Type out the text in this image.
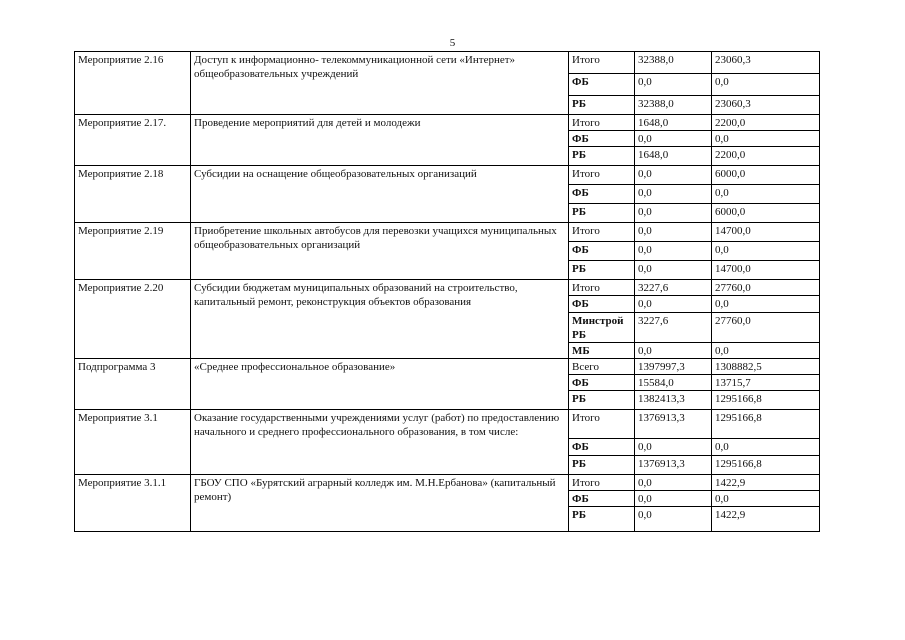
5
Мероприятие 2.16	Доступ к информационно- телекоммуникационной сети «Интернет» общеобразовательных учреждений	Итого	32388,0	23060,3
		ФБ	0,0	0,0
		РБ	32388,0	23060,3
Мероприятие 2.17.	Проведение мероприятий для детей и молодежи	Итого	1648,0	2200,0
		ФБ	0,0	0,0
		РБ	1648,0	2200,0
Мероприятие 2.18	Субсидии на оснащение общеобразовательных организаций	Итого	0,0	6000,0
		ФБ	0,0	0,0
		РБ	0,0	6000,0
Мероприятие 2.19	Приобретение школьных автобусов для перевозки учащихся муниципальных общеобразовательных организаций	Итого	0,0	14700,0
		ФБ	0,0	0,0
		РБ	0,0	14700,0
Мероприятие 2.20	Субсидии бюджетам муниципальных образований на строительство, капитальный ремонт, реконструкция объектов образования	Итого	3227,6	27760,0
		ФБ	0,0	0,0
		Минстрой РБ	3227,6	27760,0
		МБ	0,0	0,0
Подпрограмма 3	«Среднее профессиональное образование»	Всего	1397997,3	1308882,5
		ФБ	15584,0	13715,7
		РБ	1382413,3	1295166,8
Мероприятие 3.1	Оказание государственными учреждениями услуг (работ) по предоставлению начального и среднего профессионального образования, в том числе:	Итого	1376913,3	1295166,8
		ФБ	0,0	0,0
		РБ	1376913,3	1295166,8
Мероприятие 3.1.1	ГБОУ СПО «Бурятский аграрный колледж им. М.Н.Ербанова» (капитальный ремонт)	Итого	0,0	1422,9
		ФБ	0,0	0,0
		РБ	0,0	1422,9
